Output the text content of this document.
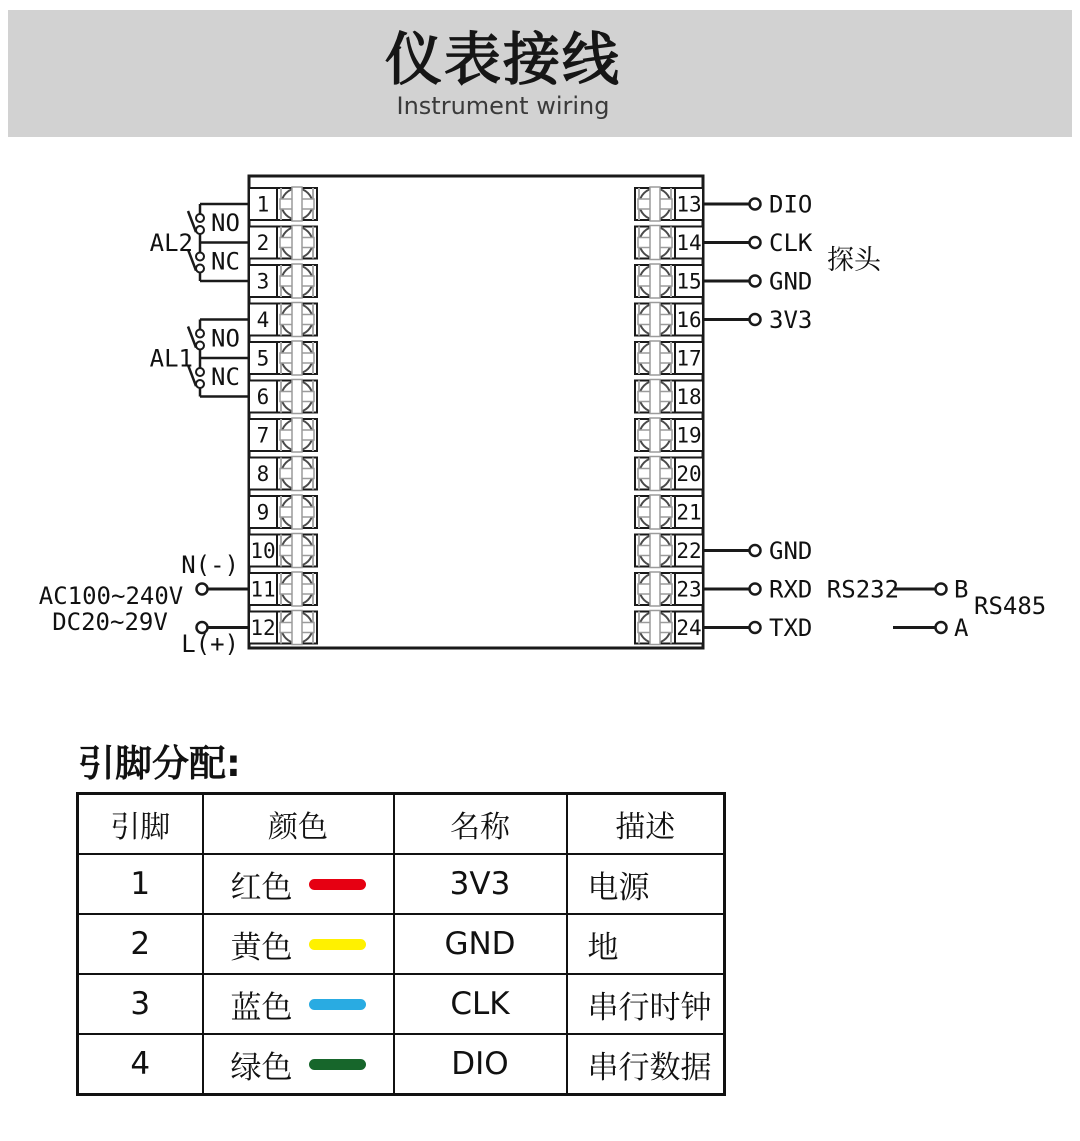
仪表接线
Instrument wiring
NO
NC
AL2
NO
NC
AL1
N(-)
AC100~240V
DC20~29V
L(+)
DIO
CLK
GND
3V3
探头
GND
RXD RS232
TXD
B
A
RS485
1
2
3
4
5
6
7
8
9
10
11
12
13
14
15
16
17
18
19
20
21
22
23
24
引脚分配:
引脚	颜色	名称	描述
1	红色	3V3	电源
2	黄色	GND	地
3	蓝色	CLK	串行时钟
4	绿色	DIO	串行数据
